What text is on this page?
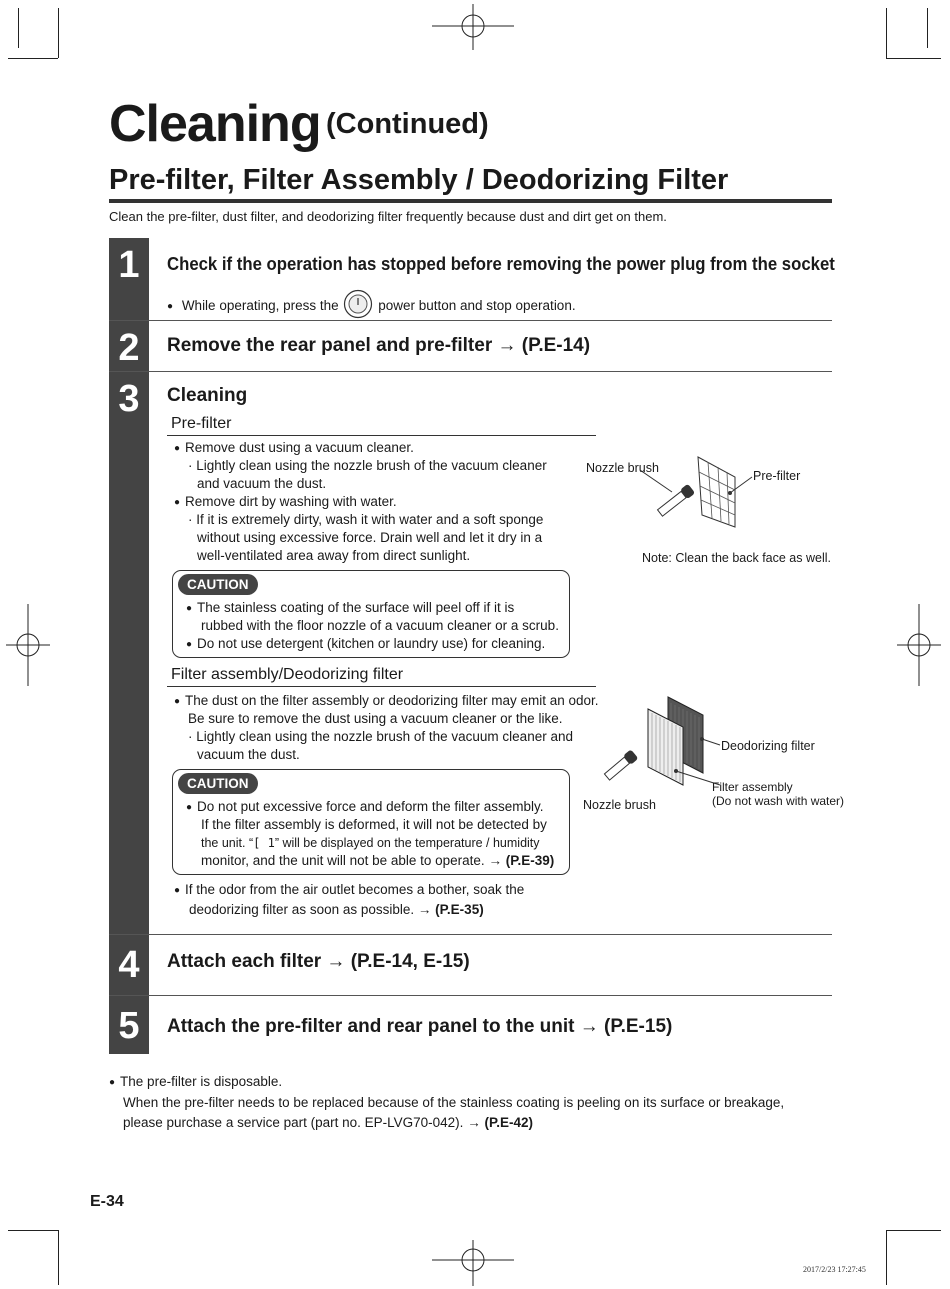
Cleaning (Continued)
Pre-filter, Filter Assembly / Deodorizing Filter
Clean the pre-filter, dust filter, and deodorizing filter frequently because dust and dirt get on them.
1
2
3
4
5
Check if the operation has stopped before removing the power plug from the socket
● While operating, press the	power button and stop operation.
Remove the rear panel and pre-filter → (P.E-14)
Cleaning
Pre-filter
● Remove dust using a vacuum cleaner.
· Lightly clean using the nozzle brush of the vacuum cleaner
and vacuum the dust.
● Remove dirt by washing with water.
· If it is extremely dirty, wash it with water and a soft sponge
without using excessive force. Drain well and let it dry in a
well-ventilated area away from direct sunlight.
CAUTION
● The stainless coating of the surface will peel off if it is
rubbed with the floor nozzle of a vacuum cleaner or a scrub.
● Do not use detergent (kitchen or laundry use) for cleaning.
Nozzle brush
Pre-filter
Note: Clean the back face as well.
Filter assembly/Deodorizing filter
● The dust on the filter assembly or deodorizing filter may emit an odor.
Be sure to remove the dust using a vacuum cleaner or the like.
· Lightly clean using the nozzle brush of the vacuum cleaner and
vacuum the dust.
CAUTION
● Do not put excessive force and deform the filter assembly.
If the filter assembly is deformed, it will not be detected by
the unit. “[ 1” will be displayed on the temperature / humidity
monitor, and the unit will not be able to operate. → (P.E-39)
● If the odor from the air outlet becomes a bother, soak the
deodorizing filter as soon as possible. → (P.E-35)
Deodorizing filter
Filter assembly
(Do not wash with water)
Nozzle brush
Attach each filter → (P.E-14, E-15)
Attach the pre-filter and rear panel to the unit → (P.E-15)
● The pre-filter is disposable.
When the pre-filter needs to be replaced because of the stainless coating is peeling on its surface or breakage,
please purchase a service part (part no. EP-LVG70-042). → (P.E-42)
E-34
2017/2/23 17:27:45
